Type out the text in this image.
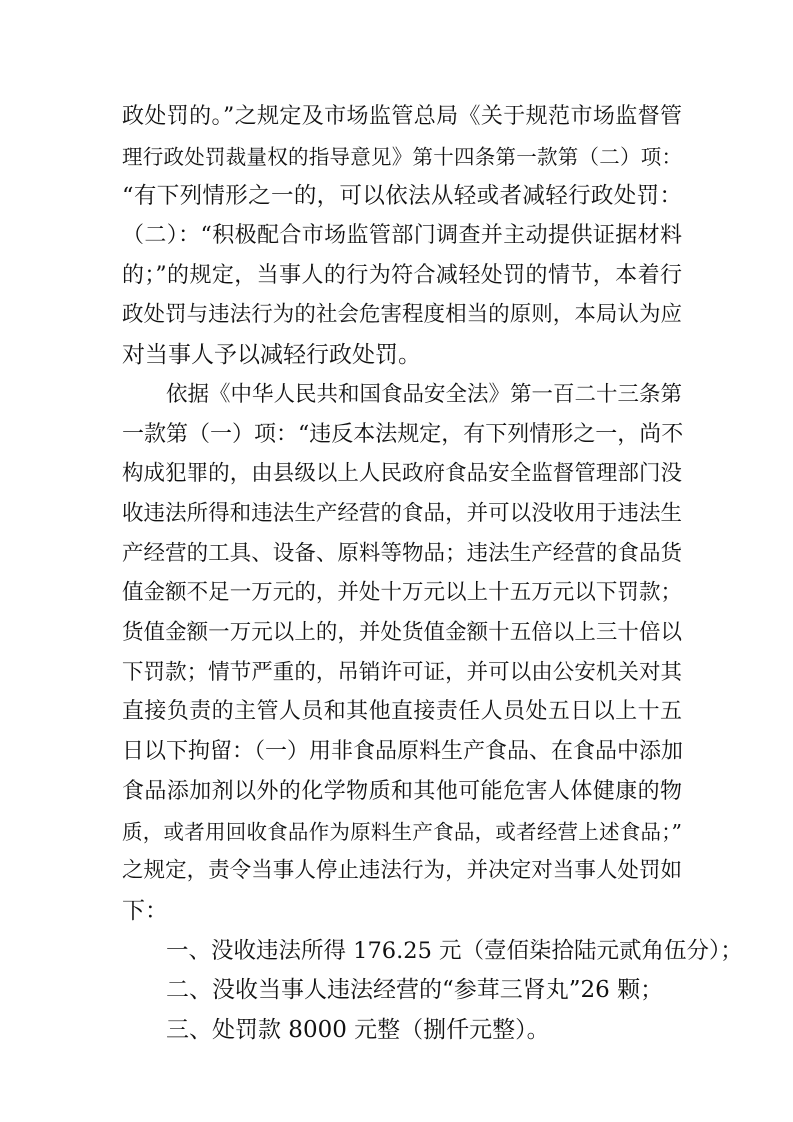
政处罚的。”之规定及市场监管总局《关于规范市场监督管
理行政处罚裁量权的指导意见》第十四条第一款第（二）项：
“有下列情形之一的，可以依法从轻或者减轻行政处罚：
（二）：“积极配合市场监管部门调查并主动提供证据材料
的；”的规定，当事人的行为符合减轻处罚的情节，本着行
政处罚与违法行为的社会危害程度相当的原则，本局认为应
对当事人予以减轻行政处罚。
依据《中华人民共和国食品安全法》第一百二十三条第
一款第（一）项：“违反本法规定，有下列情形之一，尚不
构成犯罪的，由县级以上人民政府食品安全监督管理部门没
收违法所得和违法生产经营的食品，并可以没收用于违法生
产经营的工具、设备、原料等物品；违法生产经营的食品货
值金额不足一万元的，并处十万元以上十五万元以下罚款；
货值金额一万元以上的，并处货值金额十五倍以上三十倍以
下罚款；情节严重的，吊销许可证，并可以由公安机关对其
直接负责的主管人员和其他直接责任人员处五日以上十五
日以下拘留：（一）用非食品原料生产食品、在食品中添加
食品添加剂以外的化学物质和其他可能危害人体健康的物
质，或者用回收食品作为原料生产食品，或者经营上述食品；”
之规定，责令当事人停止违法行为，并决定对当事人处罚如
下：
一、没收违法所得 176.25 元（壹佰柒拾陆元贰角伍分）；
二、没收当事人违法经营的“参茸三肾丸”26 颗；
三、处罚款 8000 元整（捌仟元整）。
